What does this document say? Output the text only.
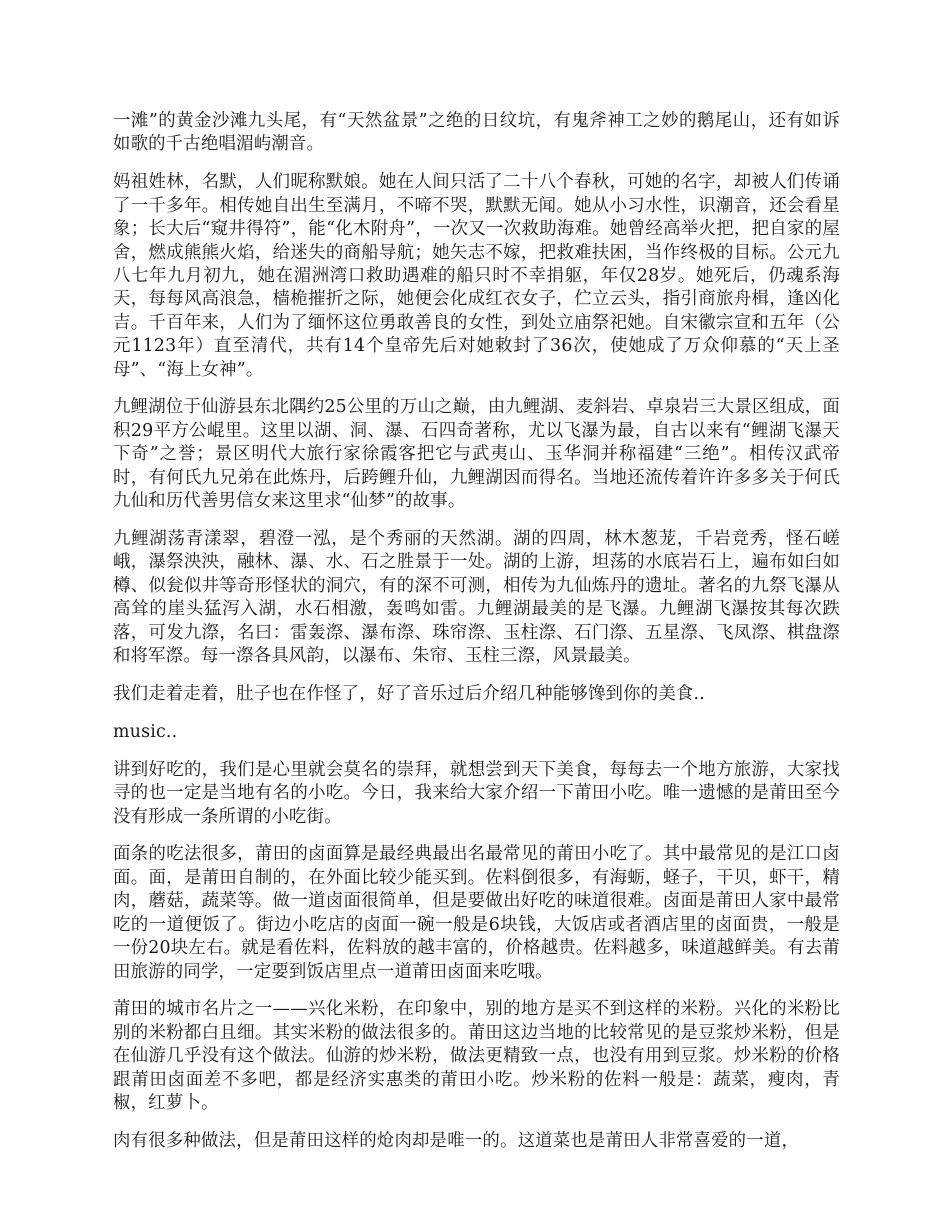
一滩”的黄金沙滩九头尾，有“天然盆景”之绝的日纹坑，有鬼斧神工之妙的鹅尾山，还有如诉如歌的千古绝唱湄屿潮音。

妈祖姓林，名默，人们昵称默娘。她在人间只活了二十八个春秋，可她的名字，却被人们传诵了一千多年。相传她自出生至满月，不啼不哭，默默无闻。她从小习水性，识潮音，还会看星象；长大后“窥井得符”，能“化木附舟”，一次又一次救助海难。她曾经高举火把，把自家的屋舍，燃成熊熊火焰，给迷失的商船导航；她矢志不嫁，把救难扶困，当作终极的目标。公元九八七年九月初九，她在湄洲湾口救助遇难的船只时不幸捐躯，年仅28岁。她死后，仍魂系海天，每每风高浪急，樯桅摧折之际，她便会化成红衣女子，伫立云头，指引商旅舟楫，逢凶化吉。千百年来，人们为了缅怀这位勇敢善良的女性，到处立庙祭祀她。自宋徽宗宣和五年（公元1123年）直至清代，共有14个皇帝先后对她敕封了36次，使她成了万众仰慕的“天上圣母”、“海上女神”。

九鲤湖位于仙游县东北隅约25公里的万山之巅，由九鲤湖、麦斜岩、卓泉岩三大景区组成，面积29平方公崐里。这里以湖、洞、瀑、石四奇著称，尤以飞瀑为最，自古以来有“鲤湖飞瀑天下奇”之誉；景区明代大旅行家徐霞客把它与武夷山、玉华洞并称福建“三绝”。相传汉武帝时，有何氏九兄弟在此炼丹，后跨鲤升仙，九鲤湖因而得名。当地还流传着许许多多关于何氏九仙和历代善男信女来这里求“仙梦”的故事。

九鲤湖荡青漾翠，碧澄一泓，是个秀丽的天然湖。湖的四周，林木葱茏，千岩竞秀，怪石嵯峨，瀑祭泱泱，融林、瀑、水、石之胜景于一处。湖的上游，坦荡的水底岩石上，遍布如臼如樽、似瓮似井等奇形怪状的洞穴，有的深不可测，相传为九仙炼丹的遗址。著名的九祭飞瀑从高耸的崖头猛泻入湖，水石相激，轰鸣如雷。九鲤湖最美的是飞瀑。九鲤湖飞瀑按其每次跌落，可发九漈，名曰：雷轰漈、瀑布漈、珠帘漈、玉柱漈、石门漈、五星漈、飞凤漈、棋盘漈和将军漈。每一漈各具风韵，以瀑布、朱帘、玉柱三漈，风景最美。

我们走着走着，肚子也在作怪了，好了音乐过后介绍几种能够馋到你的美食..

music..

讲到好吃的，我们是心里就会莫名的崇拜，就想尝到天下美食，每每去一个地方旅游，大家找寻的也一定是当地有名的小吃。今日，我来给大家介绍一下莆田小吃。唯一遗憾的是莆田至今没有形成一条所谓的小吃街。

面条的吃法很多，莆田的卤面算是最经典最出名最常见的莆田小吃了。其中最常见的是江口卤面。面，是莆田自制的，在外面比较少能买到。佐料倒很多，有海蛎，蛏子，干贝，虾干，精肉，蘑菇，蔬菜等。做一道卤面很简单，但是要做出好吃的味道很难。卤面是莆田人家中最常吃的一道便饭了。街边小吃店的卤面一碗一般是6块钱，大饭店或者酒店里的卤面贵，一般是一份20块左右。就是看佐料，佐料放的越丰富的，价格越贵。佐料越多，味道越鲜美。有去莆田旅游的同学，一定要到饭店里点一道莆田卤面来吃哦。

莆田的城市名片之一——兴化米粉，在印象中，别的地方是买不到这样的米粉。兴化的米粉比别的米粉都白且细。其实米粉的做法很多的。莆田这边当地的比较常见的是豆浆炒米粉，但是在仙游几乎没有这个做法。仙游的炒米粉，做法更精致一点，也没有用到豆浆。炒米粉的价格跟莆田卤面差不多吧，都是经济实惠类的莆田小吃。炒米粉的佐料一般是：蔬菜，瘦肉，青椒，红萝卜。

肉有很多种做法，但是莆田这样的炝肉却是唯一的。这道菜也是莆田人非常喜爱的一道，
